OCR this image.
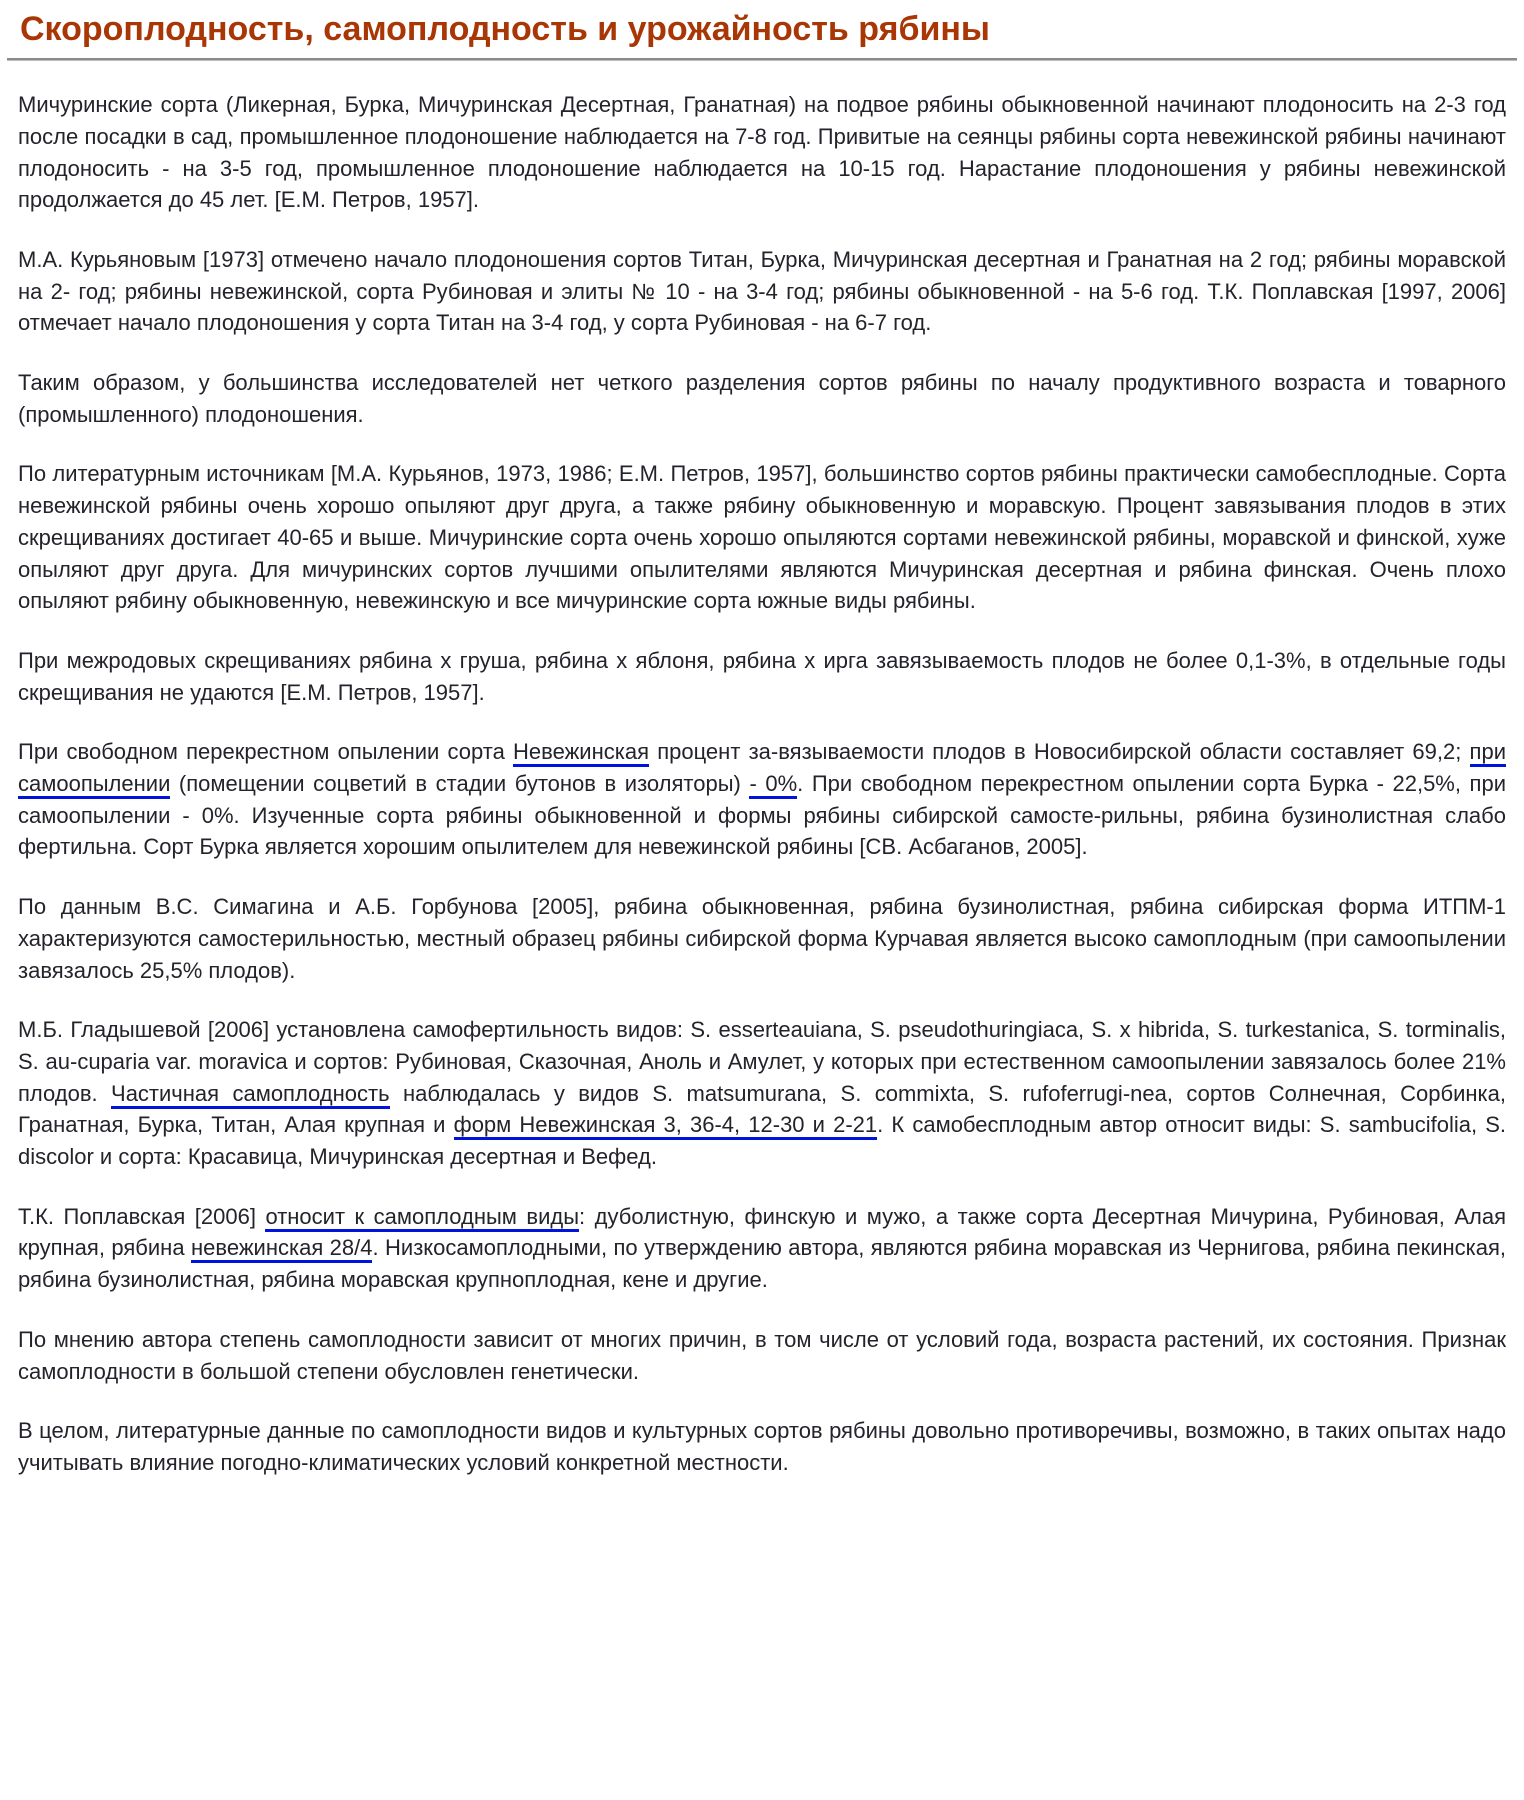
Скороплодность, самоплодность и урожайность рябины

Мичуринские сорта (Ликерная, Бурка, Мичуринская Десертная, Гранатная) на подвое рябины обыкновенной начинают плодоносить на 2-3 год после посадки в сад, промышленное плодоношение наблюдается на 7-8 год. Привитые на сеянцы рябины сорта невежинской рябины начинают плодоносить - на 3-5 год, промышленное плодоношение наблюдается на 10-15 год. Нарастание плодоношения у рябины невежинской продолжается до 45 лет. [Е.М. Петров, 1957].

М.А. Курьяновым [1973] отмечено начало плодоношения сортов Титан, Бурка, Мичуринская десертная и Гранатная на 2 год; рябины моравской на 2- год; рябины невежинской, сорта Рубиновая и элиты № 10 - на 3-4 год; рябины обыкновенной - на 5-6 год. Т.К. Поплавская [1997, 2006] отмечает начало плодоношения у сорта Титан на 3-4 год, у сорта Рубиновая - на 6-7 год.

Таким образом, у большинства исследователей нет четкого разделения сортов рябины по началу продуктивного возраста и товарного (промышленного) плодоношения.

По литературным источникам [М.А. Курьянов, 1973, 1986; Е.М. Петров, 1957], большинство сортов рябины практически самобесплодные. Сорта невежинской рябины очень хорошо опыляют друг друга, а также рябину обыкновенную и моравскую. Процент завязывания плодов в этих скрещиваниях достигает 40-65 и выше. Мичуринские сорта очень хорошо опыляются сортами невежинской рябины, моравской и финской, хуже опыляют друг друга. Для мичуринских сортов лучшими опылителями являются Мичуринская десертная и рябина финская. Очень плохо опыляют рябину обыкновенную, невежинскую и все мичуринские сорта южные виды рябины.

При межродовых скрещиваниях рябина х груша, рябина х яблоня, рябина х ирга завязываемость плодов не более 0,1-3%, в отдельные годы скрещивания не удаются [Е.М. Петров, 1957].

При свободном перекрестном опылении сорта Невежинская процент за-вязываемости плодов в Новосибирской области составляет 69,2; при самоопылении (помещении соцветий в стадии бутонов в изоляторы) - 0%. При свободном перекрестном опылении сорта Бурка - 22,5%, при самоопылении - 0%. Изученные сорта рябины обыкновенной и формы рябины сибирской самосте-рильны, рябина бузинолистная слабо фертильна. Сорт Бурка является хорошим опылителем для невежинской рябины [СВ. Асбаганов, 2005].

По данным В.С. Симагина и А.Б. Горбунова [2005], рябина обыкновенная, рябина бузинолистная, рябина сибирская форма ИТПМ-1 характеризуются самостерильностью, местный образец рябины сибирской форма Курчавая является высоко самоплодным (при самоопылении завязалось 25,5% плодов).

М.Б. Гладышевой [2006] установлена самофертильность видов: S. esserteauiana, S. pseudothuringiaca, S. x hibrida, S. turkestanica, S. torminalis, S. au-cuparia var. moravica и сортов: Рубиновая, Сказочная, Аноль и Амулет, у которых при естественном самоопылении завязалось более 21% плодов. Частичная самоплодность наблюдалась у видов S. matsumurana, S. commixta, S. rufoferrugi-nea, сортов Солнечная, Сорбинка, Гранатная, Бурка, Титан, Алая крупная и форм Невежинская 3, 36-4, 12-30 и 2-21. К самобесплодным автор относит виды: S. sambucifolia, S. discolor и сорта: Красавица, Мичуринская десертная и Вефед.

Т.К. Поплавская [2006] относит к самоплодным виды: дуболистную, финскую и мужо, а также сорта Десертная Мичурина, Рубиновая, Алая крупная, рябина невежинская 28/4. Низкосамоплодными, по утверждению автора, являются рябина моравская из Чернигова, рябина пекинская, рябина бузинолистная, рябина моравская крупноплодная, кене и другие.

По мнению автора степень самоплодности зависит от многих причин, в том числе от условий года, возраста растений, их состояния. Признак самоплодности в большой степени обусловлен генетически.

В целом, литературные данные по самоплодности видов и культурных сортов рябины довольно противоречивы, возможно, в таких опытах надо учитывать влияние погодно-климатических условий конкретной местности.
